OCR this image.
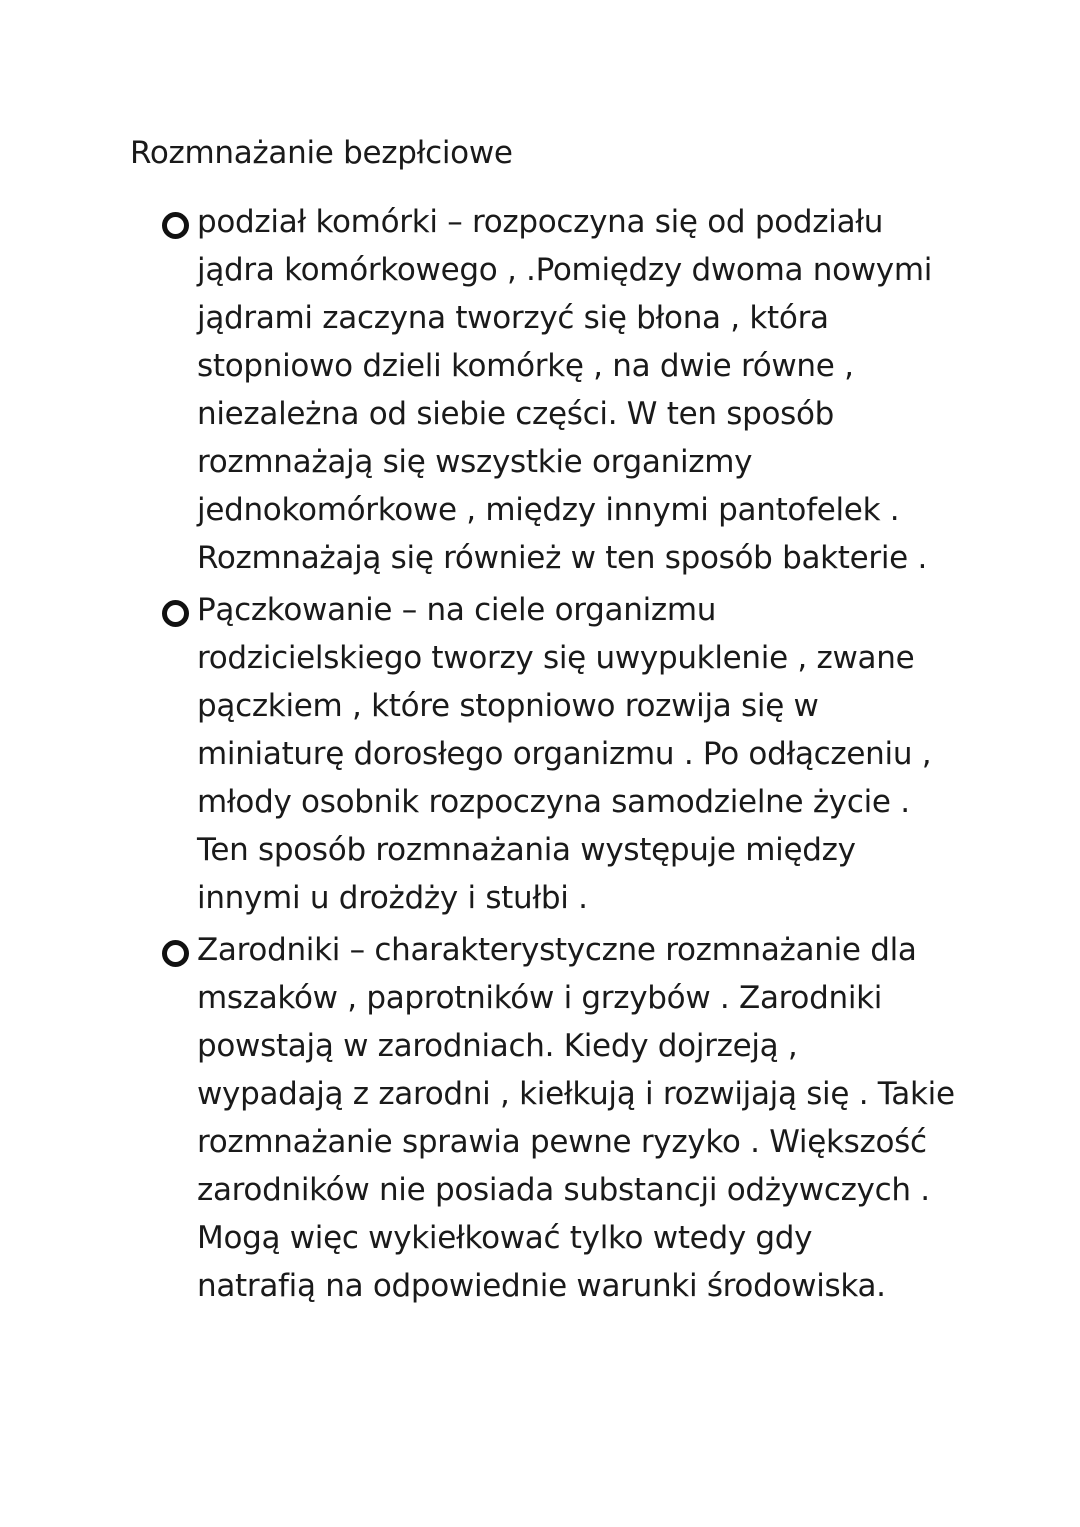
Rozmnażanie bezpłciowe
podział komórki – rozpoczyna się od podziału
jądra komórkowego , .Pomiędzy dwoma nowymi
jądrami zaczyna tworzyć się błona , która
stopniowo dzieli komórkę , na dwie równe ,
niezależna od siebie części. W ten sposób
rozmnażają się wszystkie organizmy
jednokomórkowe , między innymi pantofelek .
Rozmnażają się również w ten sposób bakterie .
Pączkowanie – na ciele organizmu
rodzicielskiego tworzy się uwypuklenie , zwane
pączkiem , które stopniowo rozwija się w
miniaturę dorosłego organizmu . Po odłączeniu ,
młody osobnik rozpoczyna samodzielne życie .
Ten sposób rozmnażania występuje między
innymi u drożdży i stułbi .
Zarodniki – charakterystyczne rozmnażanie dla
mszaków , paprotników i grzybów . Zarodniki
powstają w zarodniach. Kiedy dojrzeją ,
wypadają z zarodni , kiełkują i rozwijają się . Takie
rozmnażanie sprawia pewne ryzyko . Większość
zarodników nie posiada substancji odżywczych .
Mogą więc wykiełkować tylko wtedy gdy
natrafią na odpowiednie warunki środowiska.
